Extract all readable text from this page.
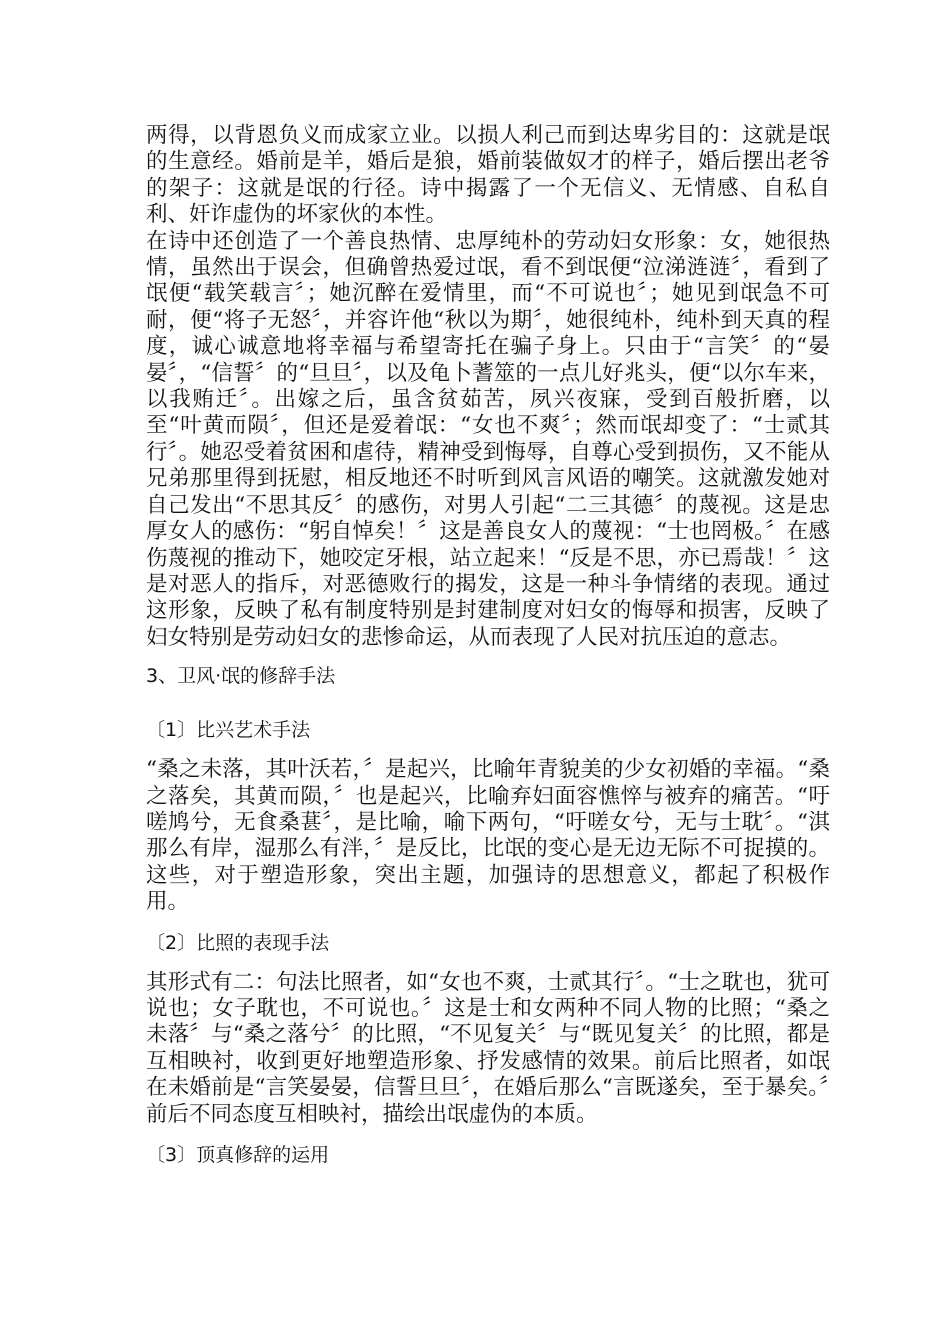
两得，以背恩负义而成家立业。以损人利己而到达卑劣目的：这就是氓的生意经。婚前是羊，婚后是狼，婚前装做奴才的样子，婚后摆出老爷的架子：这就是氓的行径。诗中揭露了一个无信义、无情感、自私自利、奸诈虚伪的坏家伙的本性。

在诗中还创造了一个善良热情、忠厚纯朴的劳动妇女形象：女，她很热情，虽然出于误会，但确曾热爱过氓，看不到氓便“泣涕涟涟〞，看到了氓便“载笑载言〞；她沉醉在爱情里，而“不可说也〞；她见到氓急不可耐，便“将子无怒〞，并容许他“秋以为期〞，她很纯朴，纯朴到天真的程度，诚心诚意地将幸福与希望寄托在骗子身上。只由于“言笑〞的“晏晏〞，“信誓〞的“旦旦〞，以及龟卜蓍筮的一点儿好兆头，便“以尔车来，以我贿迁〞。出嫁之后，虽含贫茹苦，夙兴夜寐，受到百般折磨，以至“叶黄而陨〞，但还是爱着氓：“女也不爽〞；然而氓却变了：“士贰其行〞。她忍受着贫困和虐待，精神受到悔辱，自尊心受到损伤，又不能从兄弟那里得到抚慰，相反地还不时听到风言风语的嘲笑。这就激发她对自己发出“不思其反〞的感伤，对男人引起“二三其德〞的蔑视。这是忠厚女人的感伤：“躬自悼矣！〞这是善良女人的蔑视：“士也罔极。〞在感伤蔑视的推动下，她咬定牙根，站立起来！“反是不思，亦已焉哉！〞这是对恶人的指斥，对恶德败行的揭发，这是一种斗争情绪的表现。通过这形象，反映了私有制度特别是封建制度对妇女的悔辱和损害，反映了妇女特别是劳动妇女的悲惨命运，从而表现了人民对抗压迫的意志。

3、卫风·氓的修辞手法

〔1〕比兴艺术手法

“桑之未落，其叶沃若，〞是起兴，比喻年青貌美的少女初婚的幸福。“桑之落矣，其黄而陨，〞也是起兴，比喻弃妇面容憔悴与被弃的痛苦。“吁嗟鸠兮，无食桑葚〞，是比喻，喻下两句，“吁嗟女兮，无与士耽〞。“淇那么有岸，湿那么有泮，〞是反比，比氓的变心是无边无际不可捉摸的。这些，对于塑造形象，突出主题，加强诗的思想意义，都起了积极作用。

〔2〕比照的表现手法

其形式有二：句法比照者，如“女也不爽，士贰其行〞。“士之耽也，犹可说也；女子耽也，不可说也。〞这是士和女两种不同人物的比照；“桑之未落〞与“桑之落兮〞的比照，“不见复关〞与“既见复关〞的比照，都是互相映衬，收到更好地塑造形象、抒发感情的效果。前后比照者，如氓在未婚前是“言笑晏晏，信誓旦旦〞，在婚后那么“言既遂矣，至于暴矣。〞前后不同态度互相映衬，描绘出氓虚伪的本质。

〔3〕顶真修辞的运用
